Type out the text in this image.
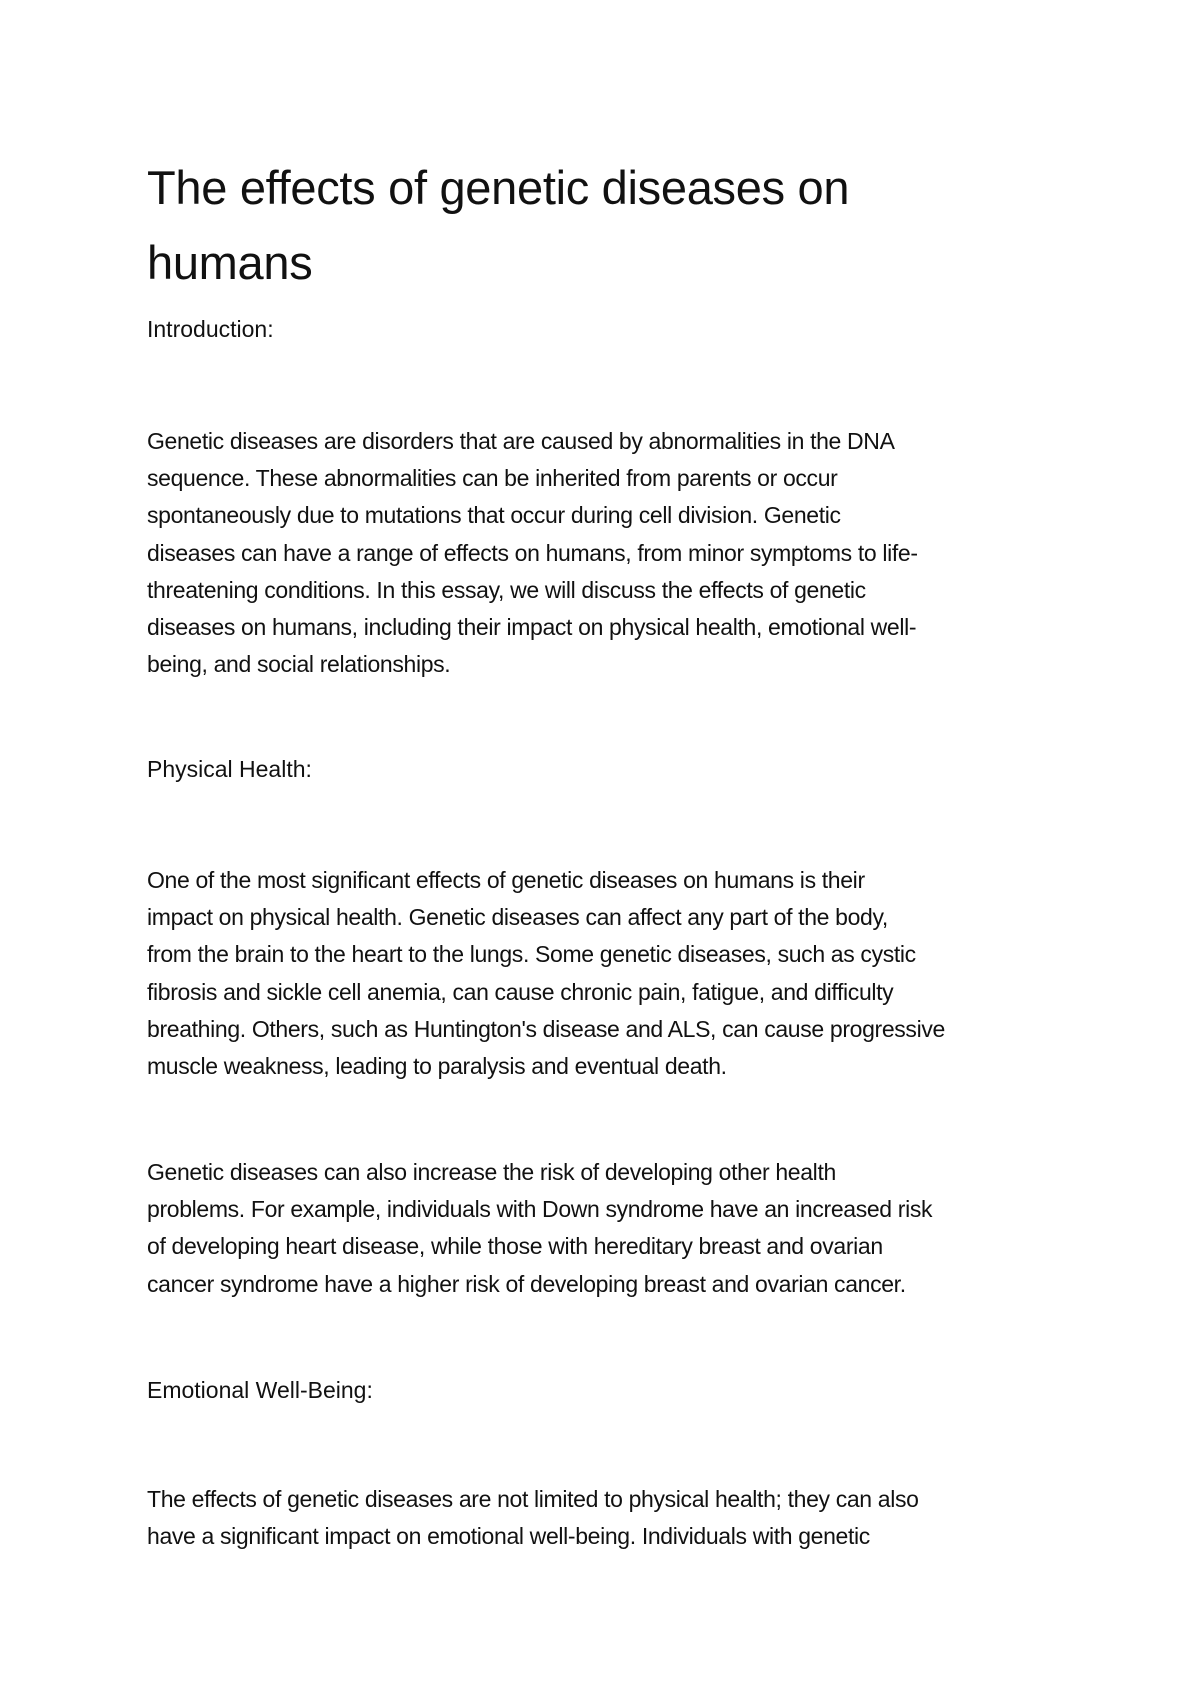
The effects of genetic diseases on
humans

Introduction:

Genetic diseases are disorders that are caused by abnormalities in the DNA
sequence. These abnormalities can be inherited from parents or occur
spontaneously due to mutations that occur during cell division. Genetic
diseases can have a range of effects on humans, from minor symptoms to life-
threatening conditions. In this essay, we will discuss the effects of genetic
diseases on humans, including their impact on physical health, emotional well-
being, and social relationships.

Physical Health:

One of the most significant effects of genetic diseases on humans is their
impact on physical health. Genetic diseases can affect any part of the body,
from the brain to the heart to the lungs. Some genetic diseases, such as cystic
fibrosis and sickle cell anemia, can cause chronic pain, fatigue, and difficulty
breathing. Others, such as Huntington's disease and ALS, can cause progressive
muscle weakness, leading to paralysis and eventual death.

Genetic diseases can also increase the risk of developing other health
problems. For example, individuals with Down syndrome have an increased risk
of developing heart disease, while those with hereditary breast and ovarian
cancer syndrome have a higher risk of developing breast and ovarian cancer.

Emotional Well-Being:

The effects of genetic diseases are not limited to physical health; they can also
have a significant impact on emotional well-being. Individuals with genetic
